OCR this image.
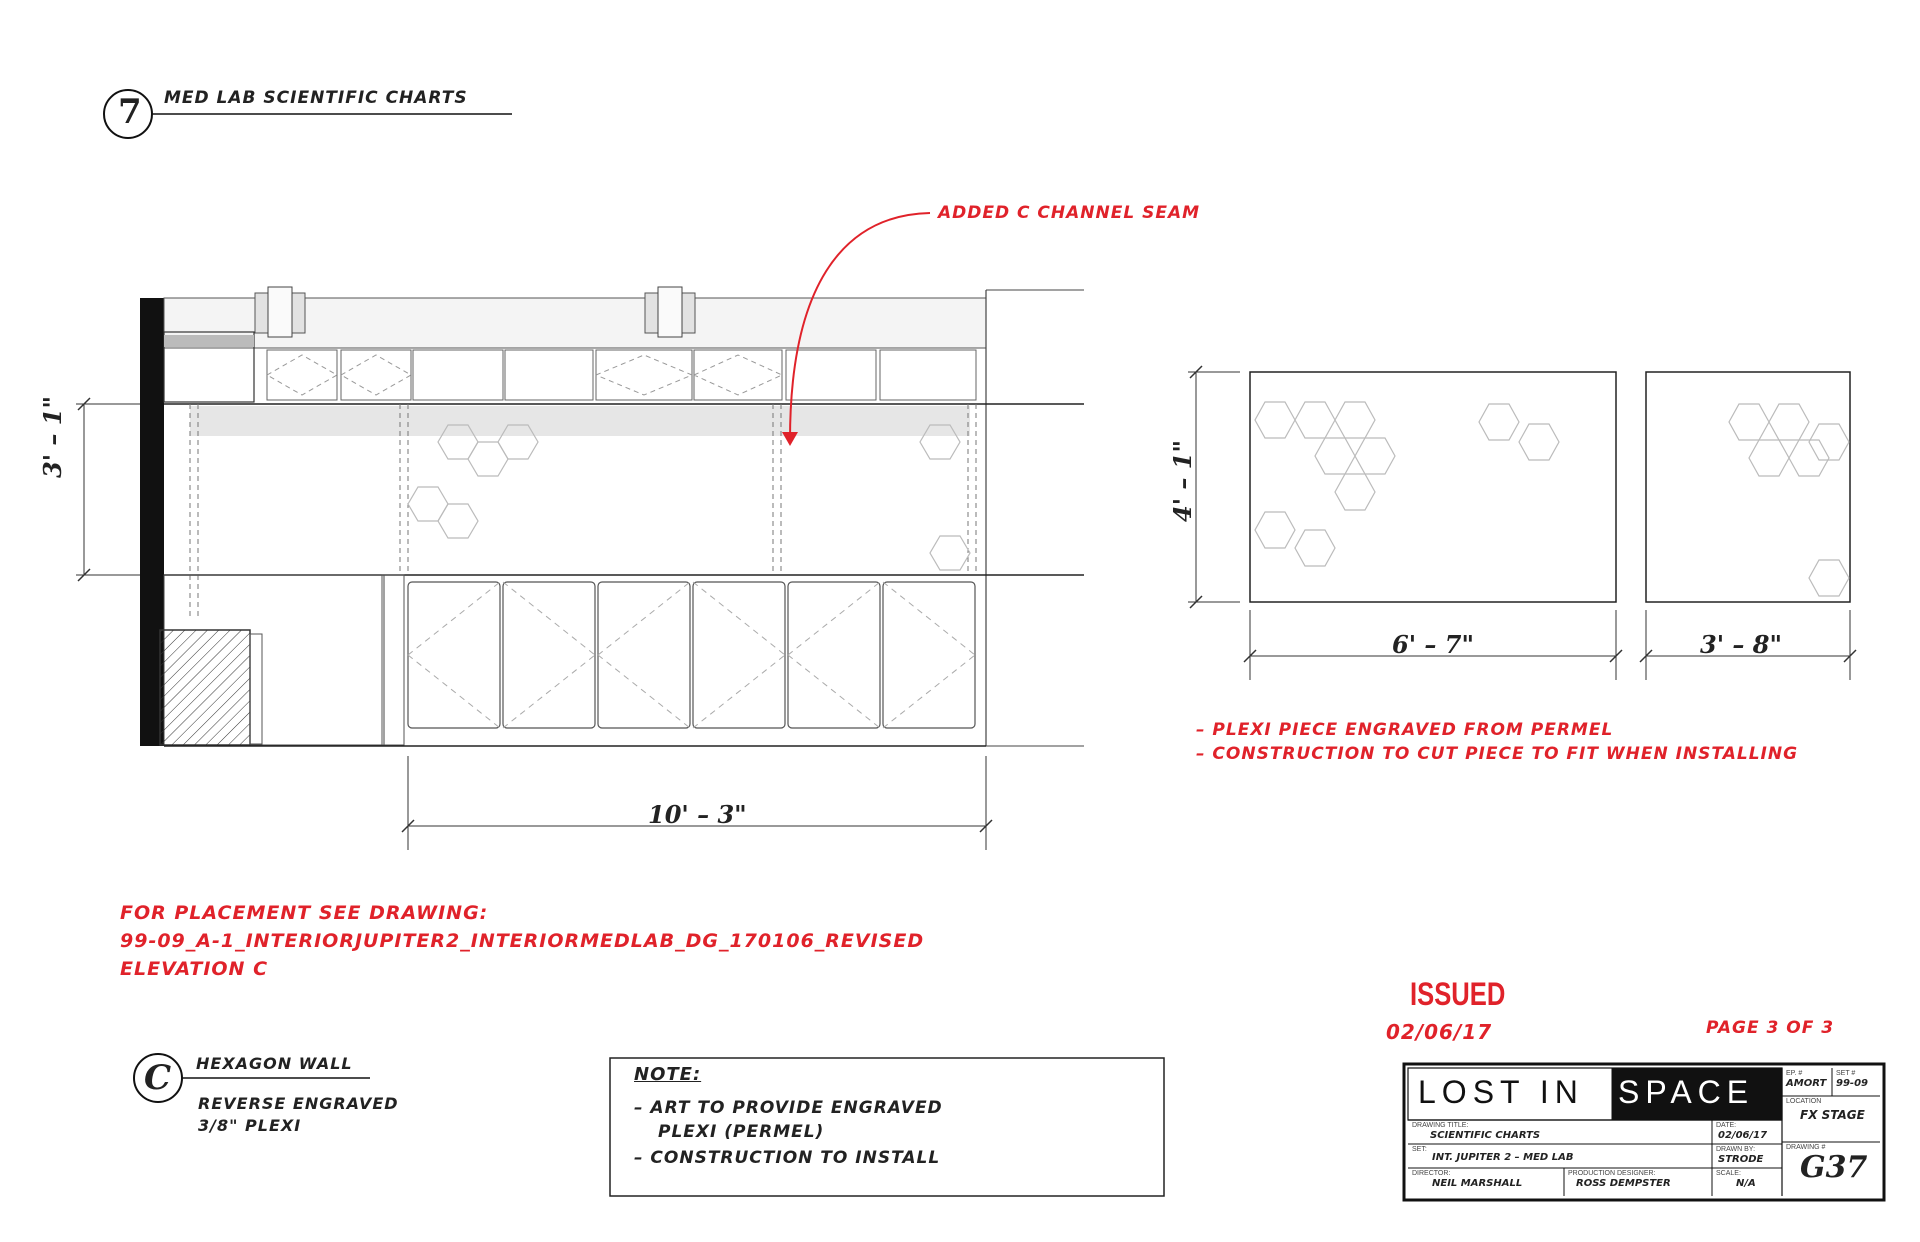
7 MED LAB SCIENTIFIC CHARTS
ADDED C CHANNEL SEAM
3' – 1"
10' – 3"
4' – 1"
6' – 7"	3' – 8"
– PLEXI PIECE ENGRAVED FROM PERMEL
– CONSTRUCTION TO CUT PIECE TO FIT WHEN INSTALLING
FOR PLACEMENT SEE DRAWING:
99-09_A-1_INTERIORJUPITER2_INTERIORMEDLAB_DG_170106_REVISED
ELEVATION C
C HEXAGON WALL
REVERSE ENGRAVED
3/8" PLEXI
NOTE:
– ART TO PROVIDE ENGRAVED
PLEXI (PERMEL)
– CONSTRUCTION TO INSTALL
ISSUED
02/06/17	PAGE 3 OF 3
LOST IN SPACE
EP. #
AMORT
SET #
99-09
LOCATION
FX STAGE
DRAWING TITLE:
SCIENTIFIC CHARTS
DATE:
02/06/17
SET:
INT. JUPITER 2 – MED LAB
DRAWN BY:
STRODE
DRAWING #
G37
DIRECTOR:
NEIL MARSHALL
PRODUCTION DESIGNER:
ROSS DEMPSTER
SCALE:
N/A
